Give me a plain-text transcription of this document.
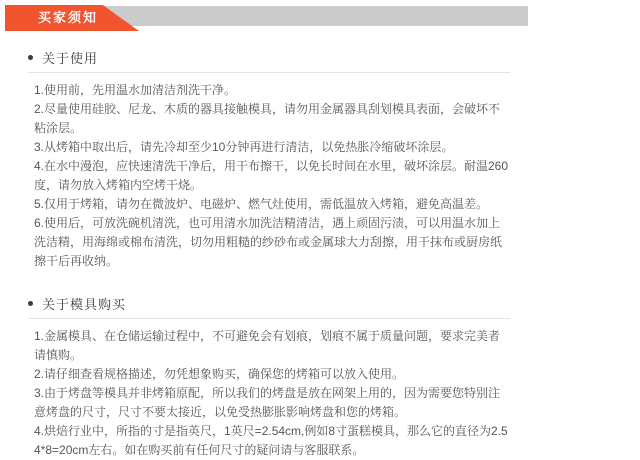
买家须知
关于使用

1.使用前，先用温水加清洁剂洗干净。

2.尽量使用硅胶、尼龙、木质的器具接触模具，请勿用金属器具刮划模具表面，会破坏不粘涂层。

3.从烤箱中取出后，请先冷却至少10分钟再进行清洁，以免热胀冷缩破坏涂层。

4.在水中漫泡，应快速清洗干净后，用干布擦干，以免长时间在水里，破坏涂层。耐温260度，请勿放入烤箱内空烤干烧。

5.仅用于烤箱，请勿在微波炉、电磁炉、燃气灶使用，需低温放入烤箱，避免高温差。

6.使用后，可放洗碗机清洗，也可用清水加洗洁精清洁，遇上顽固污渍，可以用温水加上洗洁精，用海绵或棉布清洗，切勿用粗糙的纱砂布或金属球大力刮擦，用干抹布或厨房纸擦干后再收纳。

关于模具购买

1.金属模具、在仓储运输过程中，不可避免会有划痕，划痕不属于质量问题，要求完美者请慎购。

2.请仔细查看规格描述，勿凭想象购买，确保您的烤箱可以放入使用。

3.由于烤盘等模具并非烤箱原配，所以我们的烤盘是放在网架上用的，因为需要您特别注意烤盘的尺寸，尺寸不要太接近，以免受热膨胀影响烤盘和您的烤箱。

4.烘焙行业中，所指的寸是指英尺，1英尺=2.54cm,例如8寸蛋糕模具，那么它的直径为2.54*8=20cm左右。如在购买前有任何尺寸的疑问请与客服联系。
